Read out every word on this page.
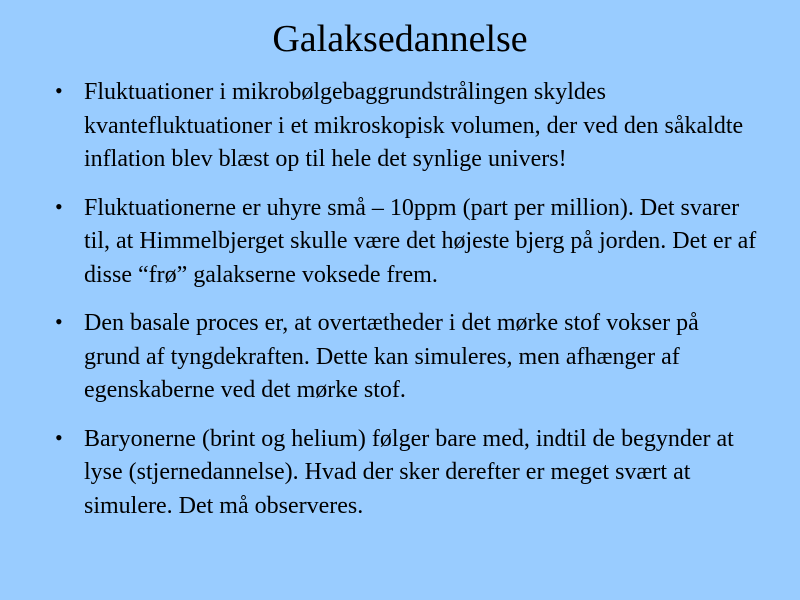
Galaksedannelse
• Fluktuationer i mikrobølgebaggrundstrålingen skyldes kvantefluktuationer i et mikroskopisk volumen, der ved den såkaldte inflation blev blæst op til hele det synlige univers!
• Fluktuationerne er uhyre små – 10ppm (part per million). Det svarer til, at Himmelbjerget skulle være det højeste bjerg på jorden. Det er af disse “frø” galakserne voksede frem.
• Den basale proces er, at overtætheder i det mørke stof vokser på grund af tyngdekraften. Dette kan simuleres, men afhænger af egenskaberne ved det mørke stof.
• Baryonerne (brint og helium) følger bare med, indtil de begynder at lyse (stjernedannelse). Hvad der sker derefter er meget svært at simulere. Det må observeres.
